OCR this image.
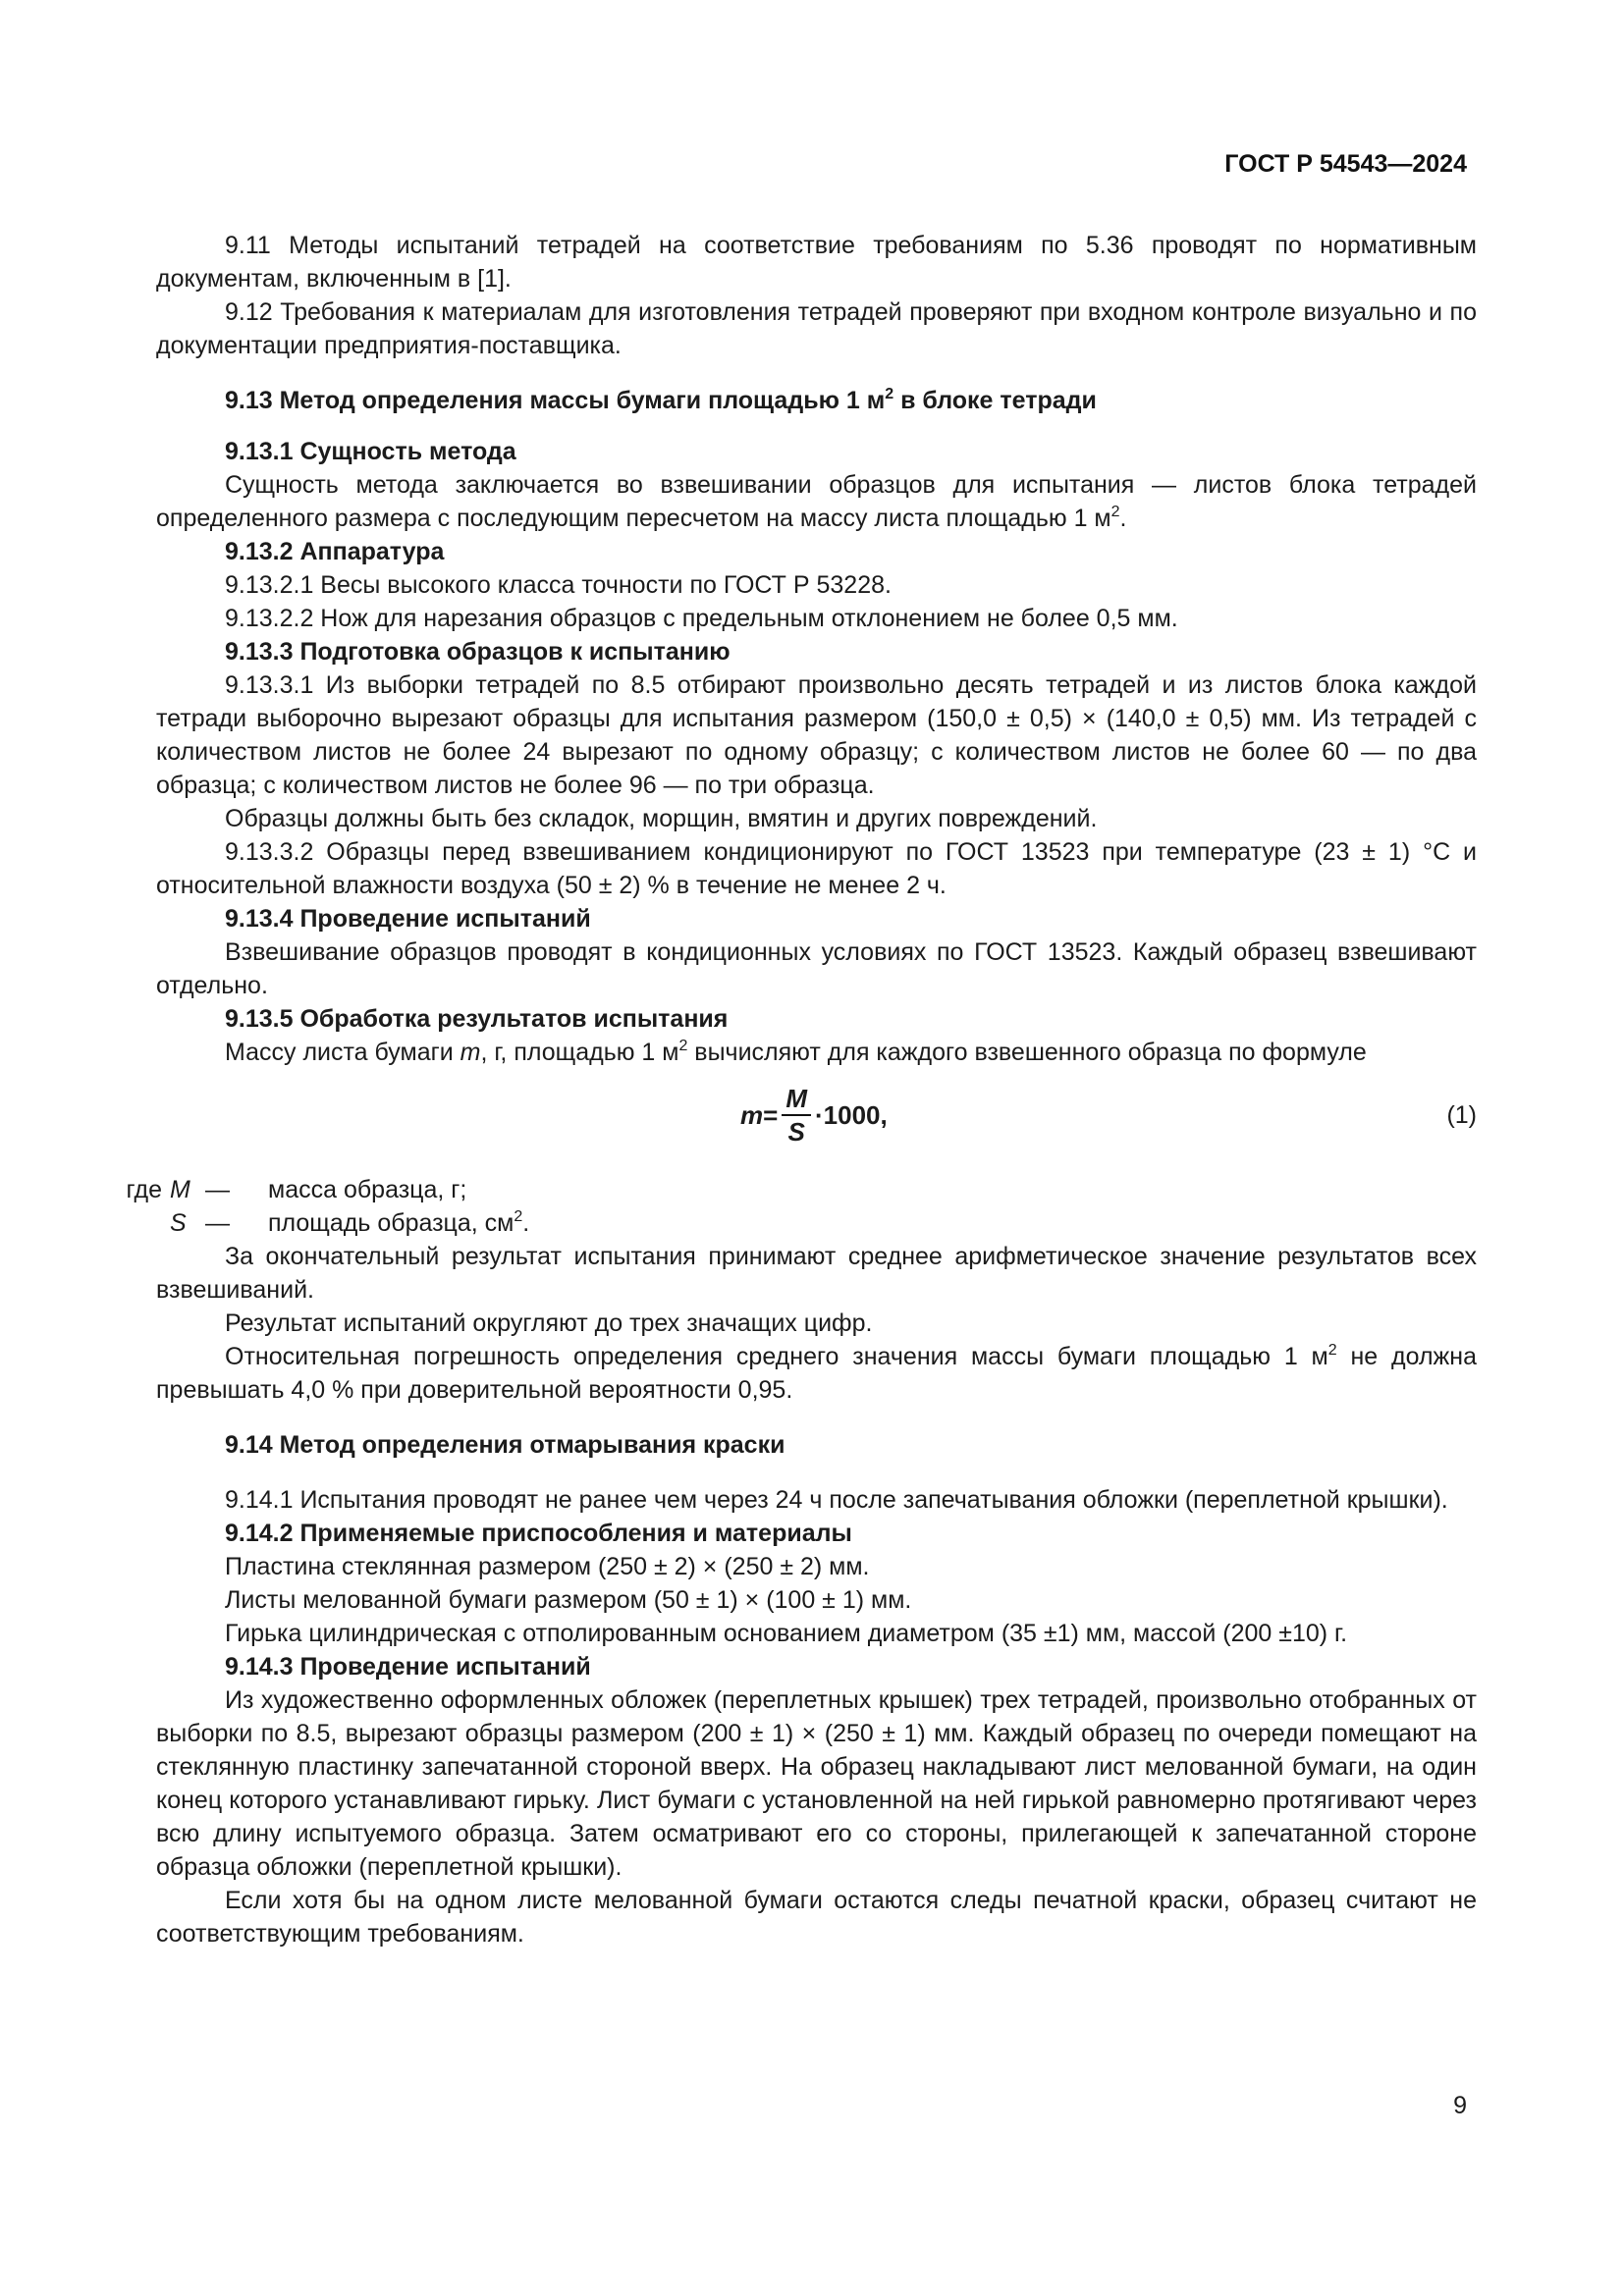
ГОСТ Р 54543—2024

9.11 Методы испытаний тетрадей на соответствие требованиям по 5.36 проводят по нормативным документам, включенным в [1].

9.12 Требования к материалам для изготовления тетрадей проверяют при входном контроле визуально и по документации предприятия-поставщика.

9.13 Метод определения массы бумаги площадью 1 $м^2$ в блоке тетради

9.13.1 Сущность метода

Сущность метода заключается во взвешивании образцов для испытания — листов блока тетрадей определенного размера с последующим пересчетом на массу листа площадью 1 $м^2$.

9.13.2 Аппаратура

9.13.2.1 Весы высокого класса точности по ГОСТ Р 53228.

9.13.2.2 Нож для нарезания образцов с предельным отклонением не более 0,5 мм.

9.13.3 Подготовка образцов к испытанию

9.13.3.1 Из выборки тетрадей по 8.5 отбирают произвольно десять тетрадей и из листов блока каждой тетради выборочно вырезают образцы для испытания размером (150,0 ± 0,5) × (140,0 ± 0,5) мм. Из тетрадей с количеством листов не более 24 вырезают по одному образцу; с количеством листов не более 60 — по два образца; с количеством листов не более 96 — по три образца.

Образцы должны быть без складок, морщин, вмятин и других повреждений.

9.13.3.2 Образцы перед взвешиванием кондиционируют по ГОСТ 13523 при температуре (23 ± 1) °С и относительной влажности воздуха (50 ± 2) % в течение не менее 2 ч.

9.13.4 Проведение испытаний

Взвешивание образцов проводят в кондиционных условиях по ГОСТ 13523. Каждый образец взвешивают отдельно.

9.13.5 Обработка результатов испытания

Массу листа бумаги m, г, площадью 1 $м^2$ вычисляют для каждого взвешенного образца по формуле

$m = \frac{M}{S} \cdot 1000$,	(1)
где M —	масса образца, г;
S —	площадь образца, $см^2$.

За окончательный результат испытания принимают среднее арифметическое значение результатов всех взвешиваний.

Результат испытаний округляют до трех значащих цифр.

Относительная погрешность определения среднего значения массы бумаги площадью 1 $м^2$ не должна превышать 4,0 % при доверительной вероятности 0,95.

9.14 Метод определения отмарывания краски

9.14.1 Испытания проводят не ранее чем через 24 ч после запечатывания обложки (переплетной крышки).

9.14.2 Применяемые приспособления и материалы

Пластина стеклянная размером (250 ± 2) × (250 ± 2) мм.

Листы мелованной бумаги размером (50 ± 1) × (100 ± 1) мм.

Гирька цилиндрическая с отполированным основанием диаметром (35 ±1) мм, массой (200 ±10) г.

9.14.3 Проведение испытаний

Из художественно оформленных обложек (переплетных крышек) трех тетрадей, произвольно отобранных от выборки по 8.5, вырезают образцы размером (200 ± 1) × (250 ± 1) мм. Каждый образец по очереди помещают на стеклянную пластинку запечатанной стороной вверх. На образец накладывают лист мелованной бумаги, на один конец которого устанавливают гирьку. Лист бумаги с установленной на ней гирькой равномерно протягивают через всю длину испытуемого образца. Затем осматривают его со стороны, прилегающей к запечатанной стороне образца обложки (переплетной крышки).

Если хотя бы на одном листе мелованной бумаги остаются следы печатной краски, образец считают не соответствующим требованиям.

9
